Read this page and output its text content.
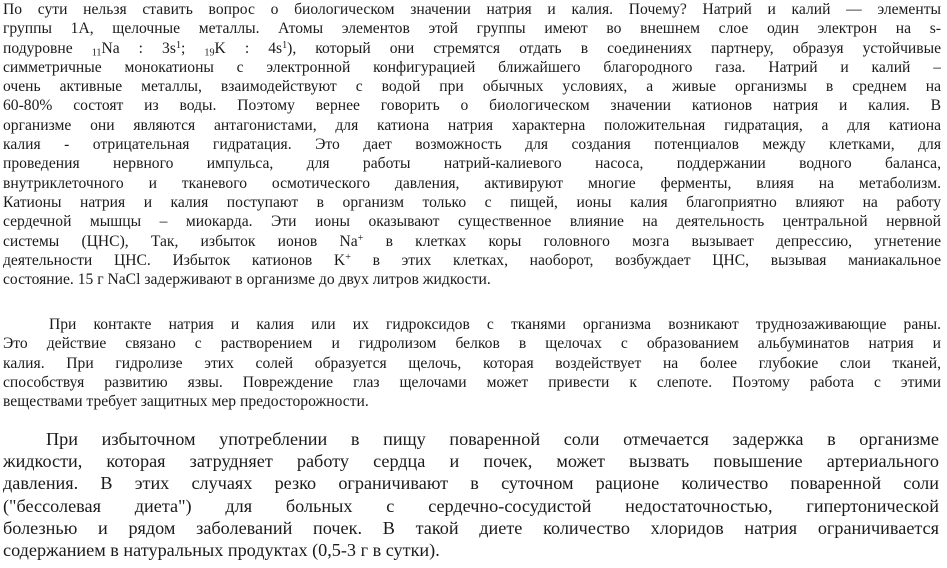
По сути нельзя ставить вопрос о биологическом значении натрия и калия. Почему? Натрий и калий — элементы
группы 1А, щелочные металлы. Атомы элементов этой группы имеют во внешнем слое один электрон на s-
подуровне $_{11}$Na : $3s^1$; $_{19}$K : $4s^1$), который они стремятся отдать в соединениях партнеру, образуя устойчивые
симметричные монокатионы с электронной конфигурацией ближайшего благородного газа. Натрий и калий –
очень активные металлы, взаимодействуют с водой при обычных условиях, а живые организмы в среднем на
60-80% состоят из воды. Поэтому вернее говорить о биологическом значении катионов натрия и калия. В
организме они являются антагонистами, для катиона натрия характерна положительная гидратация, а для катиона
калия - отрицательная гидратация. Это дает возможность для создания потенциалов между клетками, для
проведения нервного импульса, для работы натрий-калиевого насоса, поддержании водного баланса,
внутриклеточного и тканевого осмотического давления, активируют многие ферменты, влияя на метаболизм.
Катионы натрия и калия поступают в организм только с пищей, ионы калия благоприятно влияют на работу
сердечной мышцы – миокарда. Эти ионы оказывают существенное влияние на деятельность центральной нервной
системы (ЦНС), Так, избыток ионов Na+ в клетках коры головного мозга вызывает депрессию, угнетение
деятельности ЦНС. Избыток катионов K+ в этих клетках, наоборот, возбуждает ЦНС, вызывая маниакальное
состояние. 15 г NaCl задерживают в организме до двух литров жидкости.

При контакте натрия и калия или их гидроксидов с тканями организма возникают труднозаживающие раны.
Это действие связано с растворением и гидролизом белков в щелочах с образованием альбуминатов натрия и
калия. При гидролизе этих солей образуется щелочь, которая воздействует на более глубокие слои тканей,
способствуя развитию язвы. Повреждение глаз щелочами может привести к слепоте. Поэтому работа с этими
веществами требует защитных мер предосторожности.

При избыточном употреблении в пищу поваренной соли отмечается задержка в организме
жидкости, которая затрудняет работу сердца и почек, может вызвать повышение артериального
давления. В этих случаях резко ограничивают в суточном рационе количество поваренной соли
("бессолевая диета") для больных с сердечно-сосудистой недостаточностью, гипертонической
болезнью и рядом заболеваний почек. В такой диете количество хлоридов натрия ограничивается
содержанием в натуральных продуктах (0,5-3 г в сутки).
